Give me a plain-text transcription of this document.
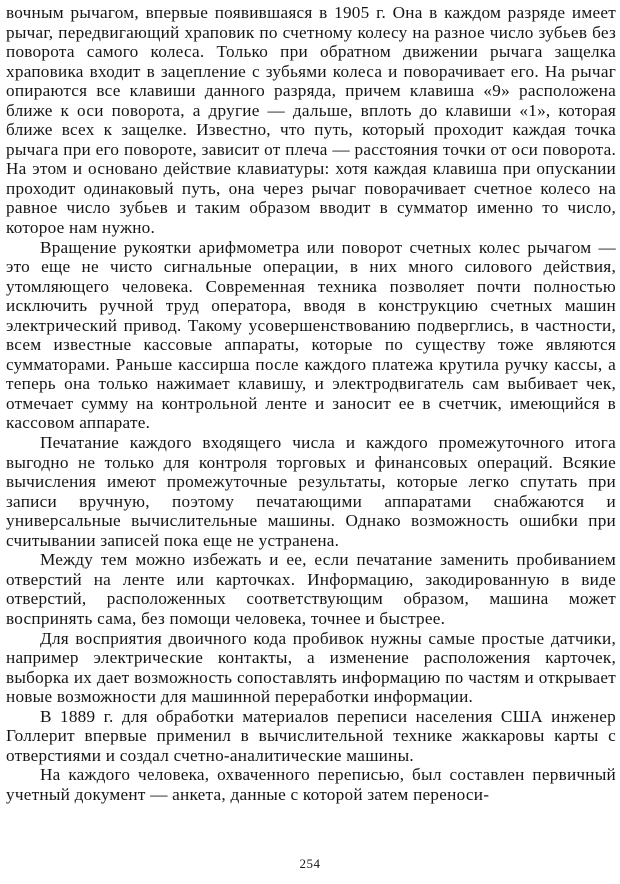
вочным рычагом, впервые появившаяся в 1905 г. Она в каждом разряде имеет рычаг, передвигающий храповик по счетному колесу на разное число зубьев без поворота самого колеса. Только при обратном движении рычага защелка храповика входит в зацепление с зубьями колеса и поворачивает его. На рычаг опираются все клавиши данного разряда, причем клавиша «9» расположена ближе к оси поворота, а другие — дальше, вплоть до клавиши «1», которая ближе всех к защелке. Известно, что путь, который проходит каждая точка рычага при его повороте, зависит от плеча — расстояния точки от оси поворота. На этом и основано действие клавиатуры: хотя каждая клавиша при опускании проходит одинаковый путь, она через рычаг поворачивает счетное колесо на равное число зубьев и таким образом вводит в сумматор именно то число, которое нам нужно.

Вращение рукоятки арифмометра или поворот счетных колес рычагом — это еще не чисто сигнальные операции, в них много силового действия, утомляющего человека. Современная техника позволяет почти полностью исключить ручной труд оператора, вводя в конструкцию счетных машин электрический привод. Такому усовершенствованию подверглись, в частности, всем известные кассовые аппараты, которые по существу тоже являются сумматорами. Раньше кассирша после каждого платежа крутила ручку кассы, а теперь она только нажимает клавишу, и электродвигатель сам выбивает чек, отмечает сумму на контрольной ленте и заносит ее в счетчик, имеющийся в кассовом аппарате.

Печатание каждого входящего числа и каждого промежуточного итога выгодно не только для контроля торговых и финансовых операций. Всякие вычисления имеют промежуточные результаты, которые легко спутать при записи вручную, поэтому печатающими аппаратами снабжаются и универсальные вычислительные машины. Однако возможность ошибки при считывании записей пока еще не устранена.

Между тем можно избежать и ее, если печатание заменить пробиванием отверстий на ленте или карточках. Информацию, закодированную в виде отверстий, расположенных соответствующим образом, машина может воспринять сама, без помощи человека, точнее и быстрее.

Для восприятия двоичного кода пробивок нужны самые простые датчики, например электрические контакты, а изменение расположения карточек, выборка их дает возможность сопоставлять информацию по частям и открывает новые возможности для машинной переработки информации.

В 1889 г. для обработки материалов переписи населения США инженер Голлерит впервые применил в вычислительной технике жаккаровы карты с отверстиями и создал счетно-аналитические машины.

На каждого человека, охваченного переписью, был составлен первичный учетный документ — анкета, данные с которой затем переноси-

254
